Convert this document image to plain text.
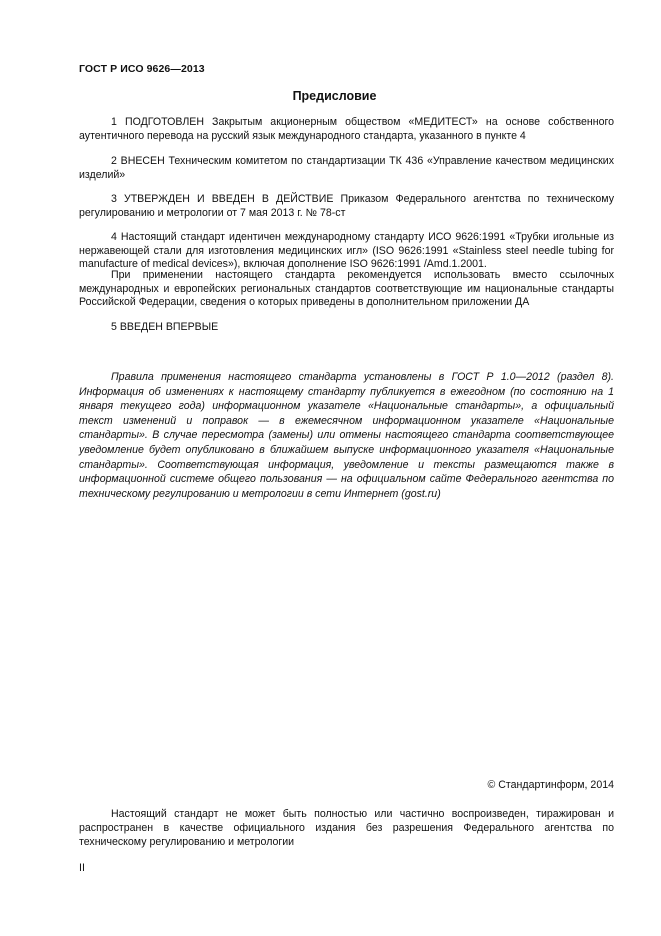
ГОСТ Р ИСО 9626—2013
Предисловие

1 ПОДГОТОВЛЕН Закрытым акционерным обществом «МЕДИТЕСТ» на основе собственного аутентичного перевода на русский язык международного стандарта, указанного в пункте 4

2 ВНЕСЕН Техническим комитетом по стандартизации ТК 436 «Управление качеством медицинских изделий»

3 УТВЕРЖДЕН И ВВЕДЕН В ДЕЙСТВИЕ Приказом Федерального агентства по техническому регулированию и метрологии от 7 мая 2013 г. № 78-ст

4 Настоящий стандарт идентичен международному стандарту ИСО 9626:1991 «Трубки игольные из нержавеющей стали для изготовления медицинских игл» (ISO 9626:1991 «Stainless steel needle tubing for manufacture of medical devices»), включая дополнение ISO 9626:1991 /Amd.1.2001.

При применении настоящего стандарта рекомендуется использовать вместо ссылочных международных и европейских региональных стандартов соответствующие им национальные стандарты Российской Федерации, сведения о которых приведены в дополнительном приложении ДА

5 ВВЕДЕН ВПЕРВЫЕ

Правила применения настоящего стандарта установлены в ГОСТ Р 1.0—2012 (раздел 8). Информация об изменениях к настоящему стандарту публикуется в ежегодном (по состоянию на 1 января текущего года) информационном указателе «Национальные стандарты», а официальный текст изменений и поправок — в ежемесячном информационном указателе «Национальные стандарты». В случае пересмотра (замены) или отмены настоящего стандарта соответствующее уведомление будет опубликовано в ближайшем выпуске информационного указателя «Национальные стандарты». Соответствующая информация, уведомление и тексты размещаются также в информационной системе общего пользования — на официальном сайте Федерального агентства по техническому регулированию и метрологии в сети Интернет (gost.ru)

© Стандартинформ, 2014

Настоящий стандарт не может быть полностью или частично воспроизведен, тиражирован и распространен в качестве официального издания без разрешения Федерального агентства по техническому регулированию и метрологии

II
